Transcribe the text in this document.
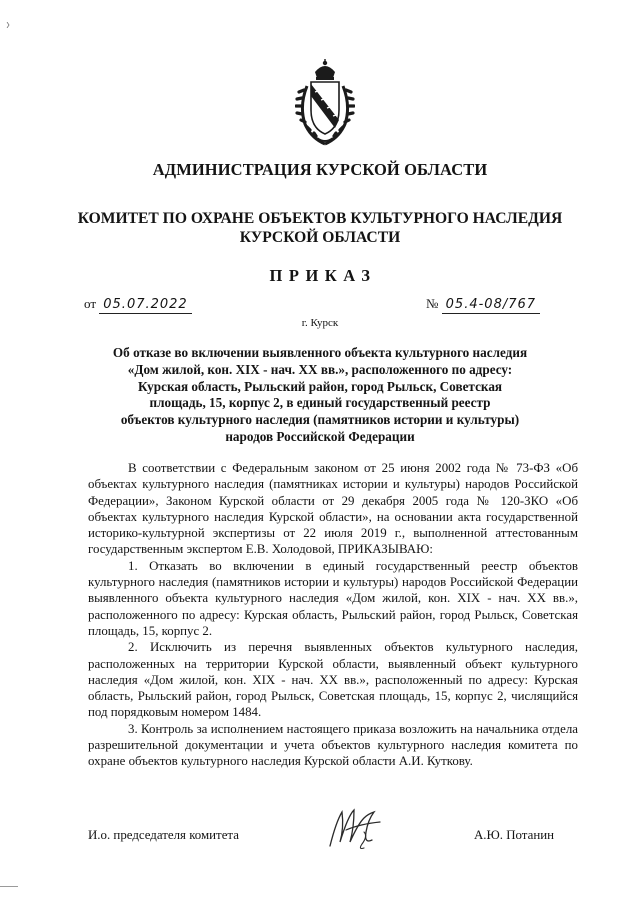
АДМИНИСТРАЦИЯ КУРСКОЙ ОБЛАСТИ
КОМИТЕТ ПО ОХРАНЕ ОБЪЕКТОВ КУЛЬТУРНОГО НАСЛЕДИЯ
КУРСКОЙ ОБЛАСТИ
ПРИКАЗ
от 05.07.2022	№ 05.4-08/767
г. Курск
Об отказе во включении выявленного объекта культурного наследия
«Дом жилой, кон. XIX - нач. XX вв.», расположенного по адресу:
Курская область, Рыльский район, город Рыльск, Советская
площадь, 15, корпус 2, в единый государственный реестр
объектов культурного наследия (памятников истории и культуры)
народов Российской Федерации

В соответствии с Федеральным законом от 25 июня 2002 года № 73-ФЗ «Об объектах культурного наследия (памятниках истории и культуры) народов Российской Федерации», Законом Курской области от 29 декабря 2005 года № 120-ЗКО «Об объектах культурного наследия Курской области», на основании акта государственной историко-культурной экспертизы от 22 июля 2019 г., выполненной аттестованным государственным экспертом Е.В. Холодовой, ПРИКАЗЫВАЮ:

1. Отказать во включении в единый государственный реестр объектов культурного наследия (памятников истории и культуры) народов Российской Федерации выявленного объекта культурного наследия «Дом жилой, кон. XIX - нач. XX вв.», расположенного по адресу: Курская область, Рыльский район, город Рыльск, Советская площадь, 15, корпус 2.

2. Исключить из перечня выявленных объектов культурного наследия, расположенных на территории Курской области, выявленный объект культурного наследия «Дом жилой, кон. XIX - нач. XX вв.», расположенный по адресу: Курская область, Рыльский район, город Рыльск, Советская площадь, 15, корпус 2, числящийся под порядковым номером 1484.

3. Контроль за исполнением настоящего приказа возложить на начальника отдела разрешительной документации и учета объектов культурного наследия комитета по охране объектов культурного наследия Курской области А.И. Куткову.

И.о. председателя комитета	А.Ю. Потанин
